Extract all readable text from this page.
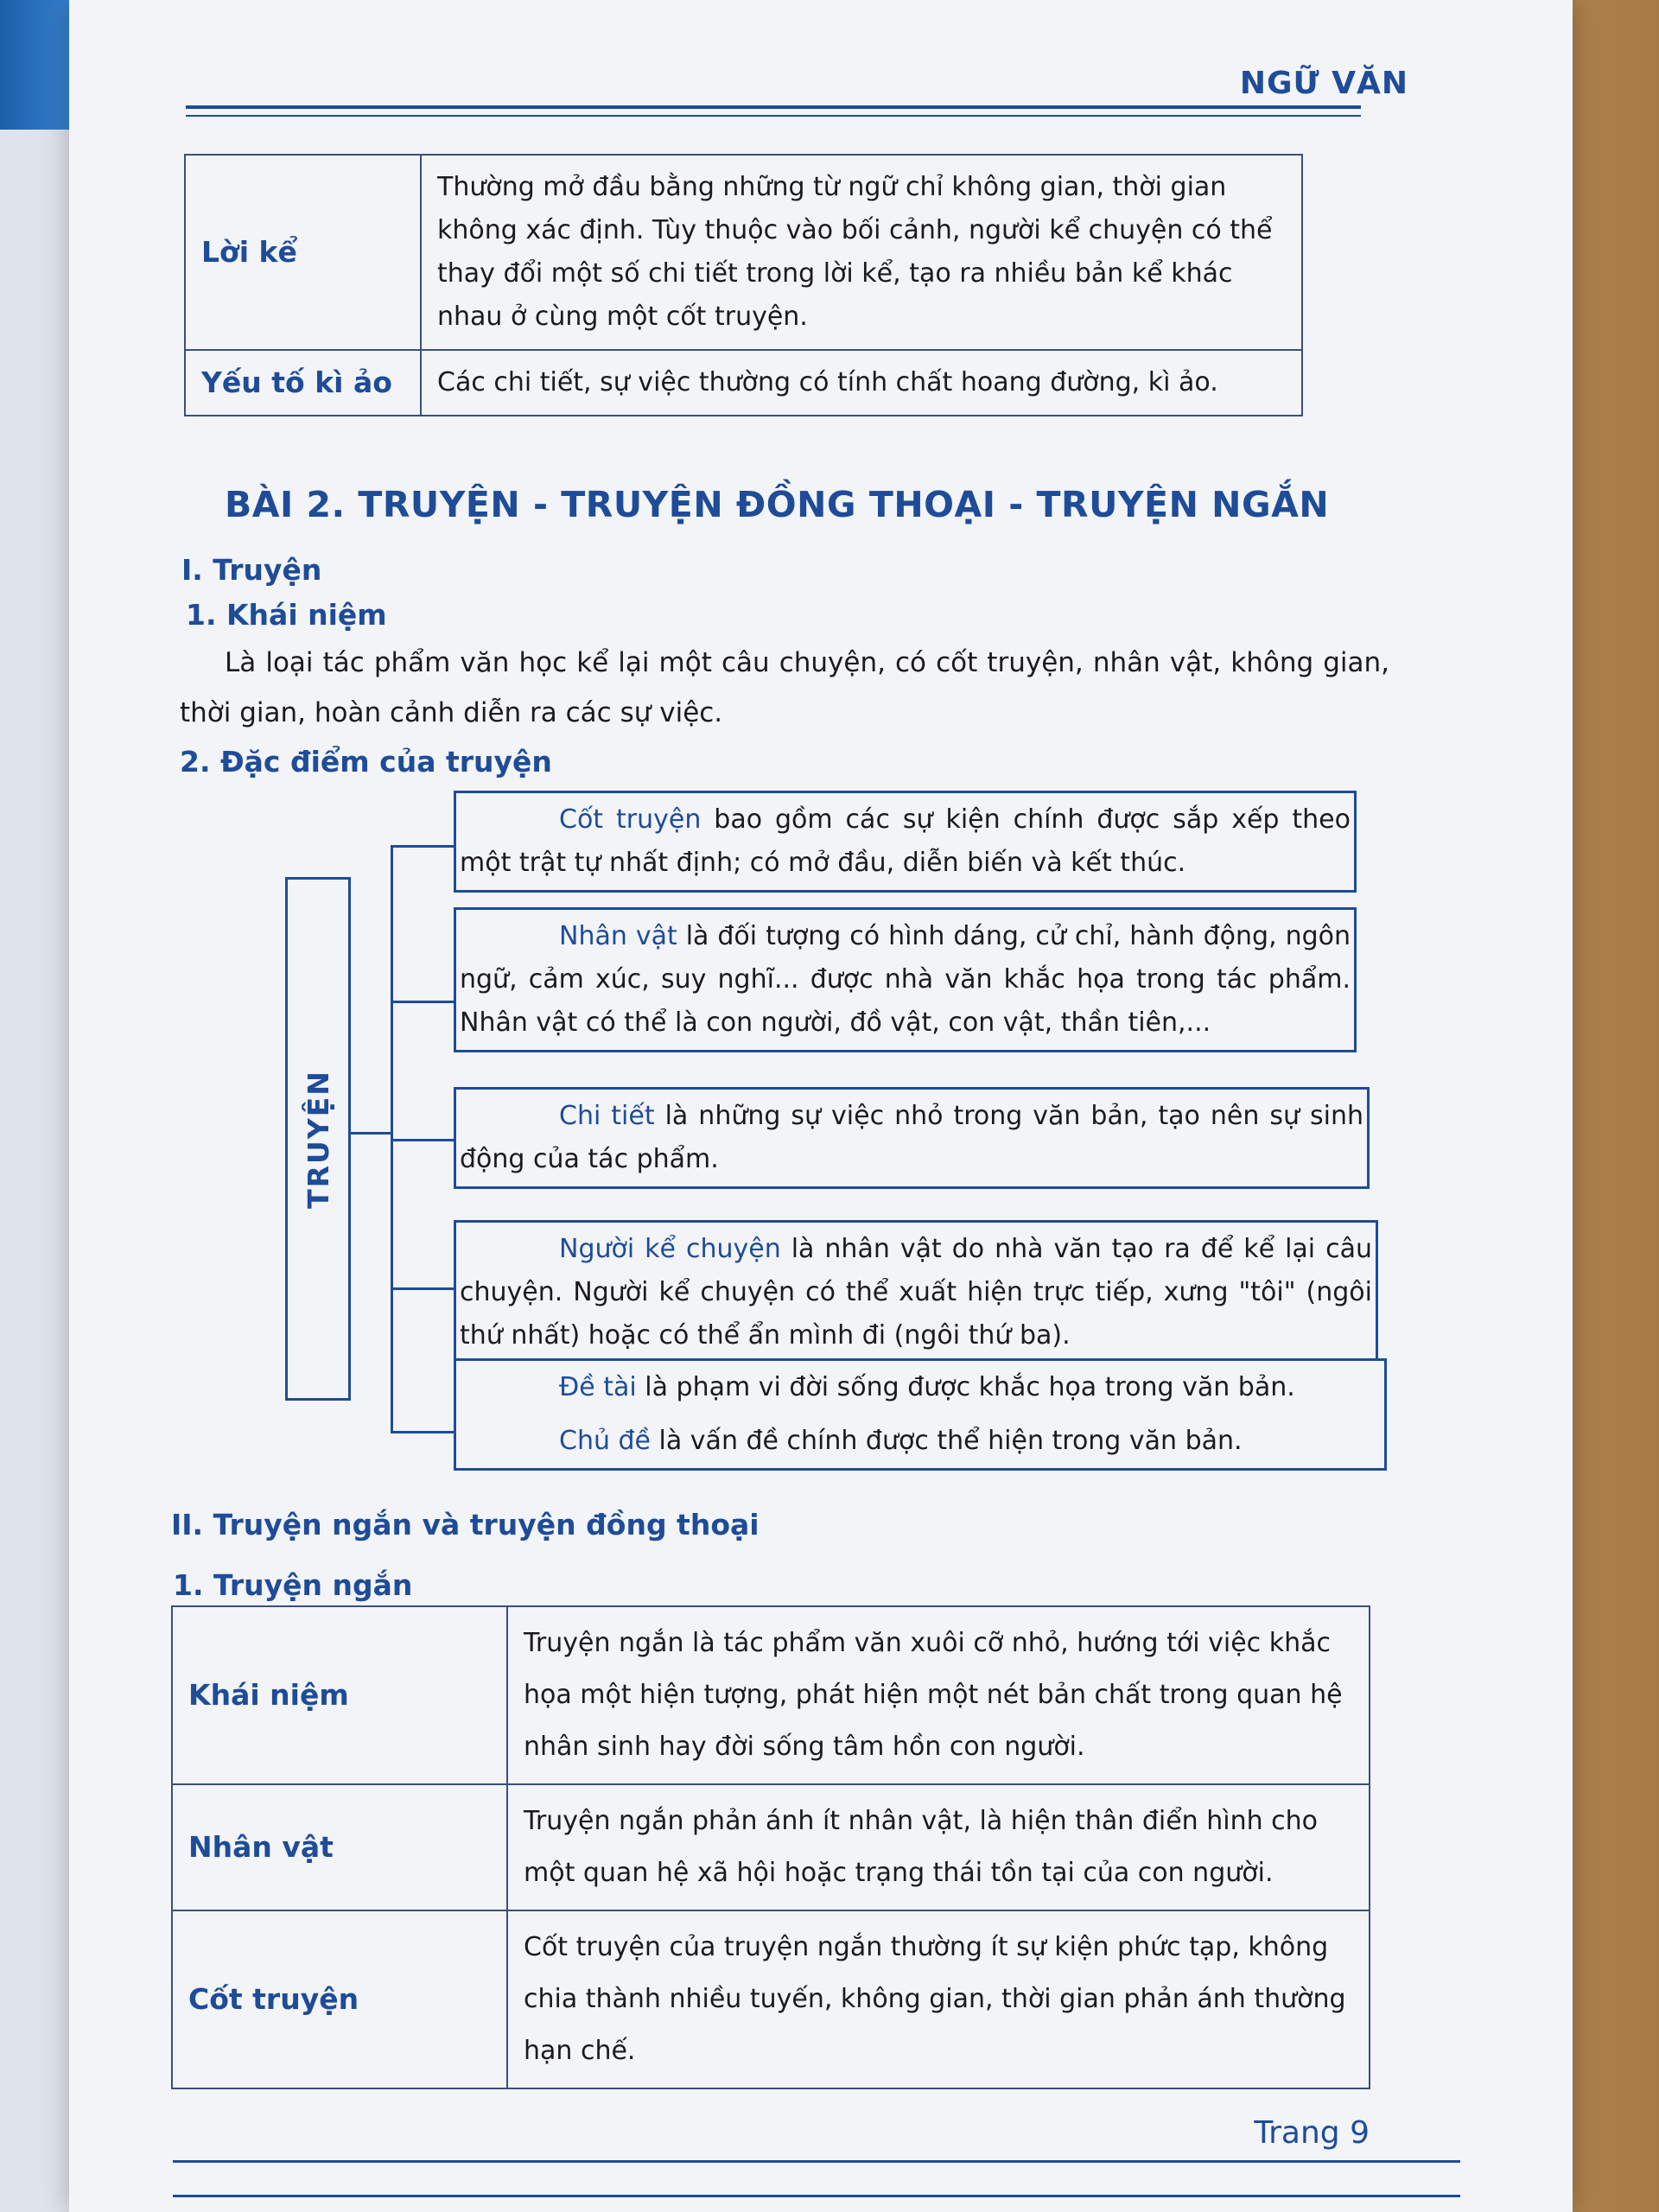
NGỮ VĂN
Lời kể	Thường mở đầu bằng những từ ngữ chỉ không gian, thời gian không xác định. Tùy thuộc vào bối cảnh, người kể chuyện có thể thay đổi một số chi tiết trong lời kể, tạo ra nhiều bản kể khác nhau ở cùng một cốt truyện.
Yếu tố kì ảo	Các chi tiết, sự việc thường có tính chất hoang đường, kì ảo.
BÀI 2. TRUYỆN - TRUYỆN ĐỒNG THOẠI - TRUYỆN NGẮN
I. Truyện
1. Khái niệm
Là loại tác phẩm văn học kể lại một câu chuyện, có cốt truyện, nhân vật, không gian, thời gian, hoàn cảnh diễn ra các sự việc.
2. Đặc điểm của truyện
TRUYỆN
Cốt truyện bao gồm các sự kiện chính được sắp xếp theo một trật tự nhất định; có mở đầu, diễn biến và kết thúc.
Nhân vật là đối tượng có hình dáng, cử chỉ, hành động, ngôn ngữ, cảm xúc, suy nghĩ... được nhà văn khắc họa trong tác phẩm. Nhân vật có thể là con người, đồ vật, con vật, thần tiên,...
Chi tiết là những sự việc nhỏ trong văn bản, tạo nên sự sinh động của tác phẩm.
Người kể chuyện là nhân vật do nhà văn tạo ra để kể lại câu chuyện. Người kể chuyện có thể xuất hiện trực tiếp, xưng "tôi" (ngôi thứ nhất) hoặc có thể ẩn mình đi (ngôi thứ ba).
Đề tài là phạm vi đời sống được khắc họa trong văn bản.
Chủ đề là vấn đề chính được thể hiện trong văn bản.
II. Truyện ngắn và truyện đồng thoại
1. Truyện ngắn
Khái niệm	Truyện ngắn là tác phẩm văn xuôi cỡ nhỏ, hướng tới việc khắc họa một hiện tượng, phát hiện một nét bản chất trong quan hệ nhân sinh hay đời sống tâm hồn con người.
Nhân vật	Truyện ngắn phản ánh ít nhân vật, là hiện thân điển hình cho một quan hệ xã hội hoặc trạng thái tồn tại của con người.
Cốt truyện	Cốt truyện của truyện ngắn thường ít sự kiện phức tạp, không chia thành nhiều tuyến, không gian, thời gian phản ánh thường hạn chế.
Trang 9
